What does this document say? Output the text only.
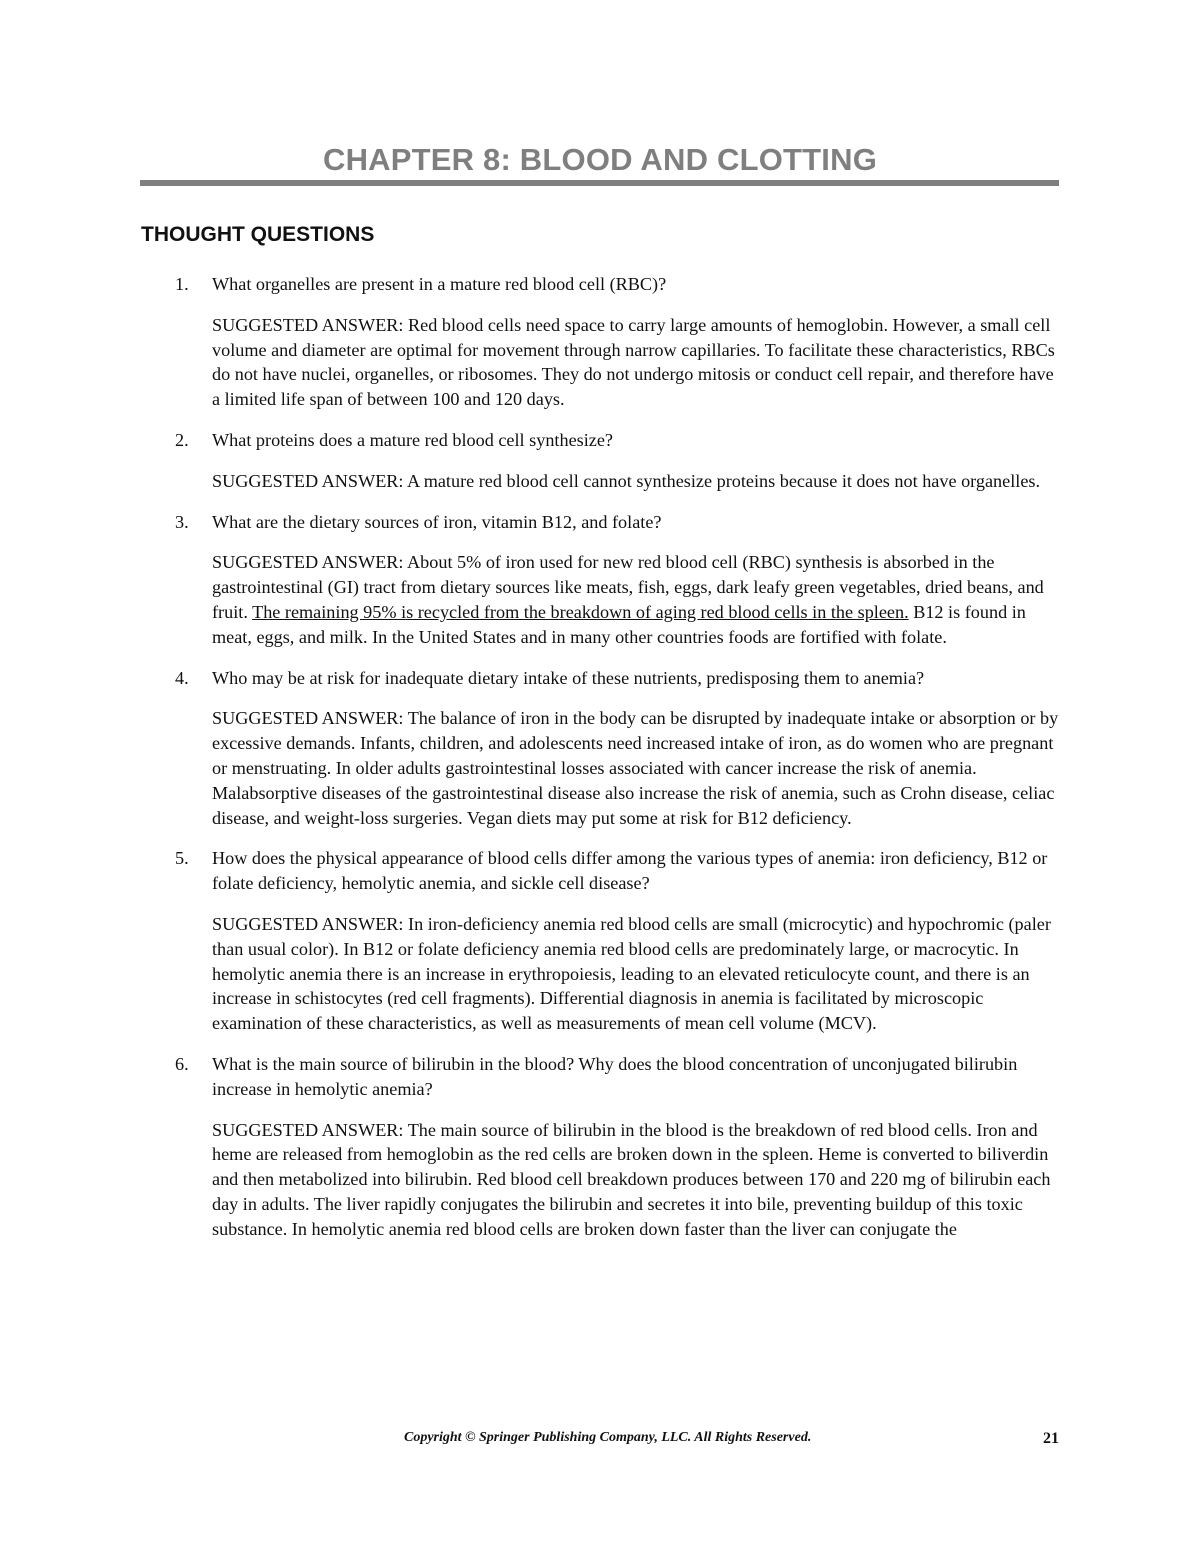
CHAPTER 8: BLOOD AND CLOTTING
THOUGHT QUESTIONS
1. What organelles are present in a mature red blood cell (RBC)?

SUGGESTED ANSWER: Red blood cells need space to carry large amounts of hemoglobin. However, a small cell volume and diameter are optimal for movement through narrow capillaries. To facilitate these characteristics, RBCs do not have nuclei, organelles, or ribosomes. They do not undergo mitosis or conduct cell repair, and therefore have a limited life span of between 100 and 120 days.

2. What proteins does a mature red blood cell synthesize?

SUGGESTED ANSWER: A mature red blood cell cannot synthesize proteins because it does not have organelles.

3. What are the dietary sources of iron, vitamin B12, and folate?

SUGGESTED ANSWER: About 5% of iron used for new red blood cell (RBC) synthesis is absorbed in the gastrointestinal (GI) tract from dietary sources like meats, fish, eggs, dark leafy green vegetables, dried beans, and fruit. The remaining 95% is recycled from the breakdown of aging red blood cells in the spleen. B12 is found in meat, eggs, and milk. In the United States and in many other countries foods are fortified with folate.

4. Who may be at risk for inadequate dietary intake of these nutrients, predisposing them to anemia?

SUGGESTED ANSWER: The balance of iron in the body can be disrupted by inadequate intake or absorption or by excessive demands. Infants, children, and adolescents need increased intake of iron, as do women who are pregnant or menstruating. In older adults gastrointestinal losses associated with cancer increase the risk of anemia. Malabsorptive diseases of the gastrointestinal disease also increase the risk of anemia, such as Crohn disease, celiac disease, and weight-loss surgeries. Vegan diets may put some at risk for B12 deficiency.

5. How does the physical appearance of blood cells differ among the various types of anemia: iron deficiency, B12 or folate deficiency, hemolytic anemia, and sickle cell disease?

SUGGESTED ANSWER: In iron-deficiency anemia red blood cells are small (microcytic) and hypochromic (paler than usual color). In B12 or folate deficiency anemia red blood cells are predominately large, or macrocytic. In hemolytic anemia there is an increase in erythropoiesis, leading to an elevated reticulocyte count, and there is an increase in schistocytes (red cell fragments). Differential diagnosis in anemia is facilitated by microscopic examination of these characteristics, as well as measurements of mean cell volume (MCV).

6. What is the main source of bilirubin in the blood? Why does the blood concentration of unconjugated bilirubin increase in hemolytic anemia?

SUGGESTED ANSWER: The main source of bilirubin in the blood is the breakdown of red blood cells. Iron and heme are released from hemoglobin as the red cells are broken down in the spleen. Heme is converted to biliverdin and then metabolized into bilirubin. Red blood cell breakdown produces between 170 and 220 mg of bilirubin each day in adults. The liver rapidly conjugates the bilirubin and secretes it into bile, preventing buildup of this toxic substance. In hemolytic anemia red blood cells are broken down faster than the liver can conjugate the

Copyright © Springer Publishing Company, LLC. All Rights Reserved.	21
